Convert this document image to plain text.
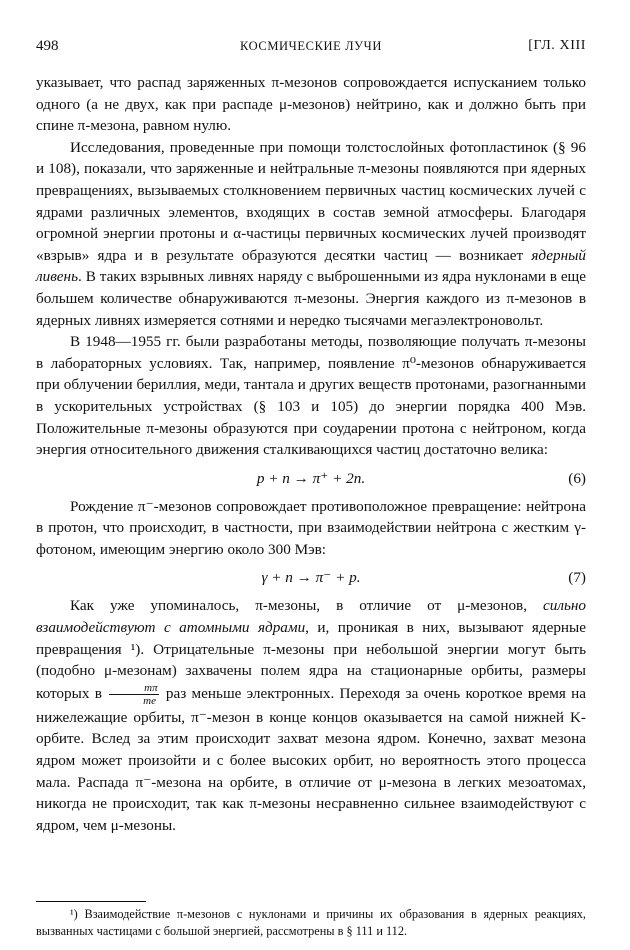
498	КОСМИЧЕСКИЕ ЛУЧИ	[ГЛ. XIII

указывает, что распад заряженных π-мезонов сопровождается испусканием только одного (а не двух, как при распаде μ-мезонов) нейтрино, как и должно быть при спине π-мезона, равном нулю.

Исследования, проведенные при помощи толстослойных фотопластинок (§ 96 и 108), показали, что заряженные и нейтральные π-мезоны появляются при ядерных превращениях, вызываемых столкновением первичных частиц космических лучей с ядрами различных элементов, входящих в состав земной атмосферы. Благодаря огромной энергии протоны и α-частицы первичных космических лучей производят «взрыв» ядра и в результате образуются десятки частиц — возникает ядерный ливень. В таких взрывных ливнях наряду с выброшенными из ядра нуклонами в еще большем количестве обнаруживаются π-мезоны. Энергия каждого из π-мезонов в ядерных ливнях измеряется сотнями и нередко тысячами мегаэлектроновольт.

В 1948—1955 гг. были разработаны методы, позволяющие получать π-мезоны в лабораторных условиях. Так, например, появление π⁰-мезонов обнаруживается при облучении бериллия, меди, тантала и других веществ протонами, разогнанными в ускорительных устройствах (§ 103 и 105) до энергии порядка 400 Мэв. Положительные π-мезоны образуются при соударении протона с нейтроном, когда энергия относительного движения сталкивающихся частиц достаточно велика:

p + n → π⁺ + 2n.	(6)

Рождение π⁻-мезонов сопровождает противоположное превращение: нейтрона в протон, что происходит, в частности, при взаимодействии нейтрона с жестким γ-фотоном, имеющим энергию около 300 Мэв:

γ + n → π⁻ + p.	(7)

Как уже упоминалось, π-мезоны, в отличие от μ-мезонов, сильно взаимодействуют с атомными ядрами, и, проникая в них, вызывают ядерные превращения ¹). Отрицательные π-мезоны при небольшой энергии могут быть (подобно μ-мезонам) захвачены полем ядра на стационарные орбиты, размеры которых в $\frac{m\pi}{me}$ раз меньше электронных. Переходя за очень короткое время на нижележащие орбиты, π⁻-мезон в конце концов оказывается на самой нижней K-орбите. Вслед за этим происходит захват мезона ядром. Конечно, захват мезона ядром может произойти и с более высоких орбит, но вероятность этого процесса мала. Распада π⁻-мезона на орбите, в отличие от μ-мезона в легких мезоатомах, никогда не происходит, так как π-мезоны несравненно сильнее взаимодействуют с ядром, чем μ-мезоны.

¹) Взаимодействие π-мезонов с нуклонами и причины их образования в ядерных реакциях, вызванных частицами с большой энергией, рассмотрены в § 111 и 112.
